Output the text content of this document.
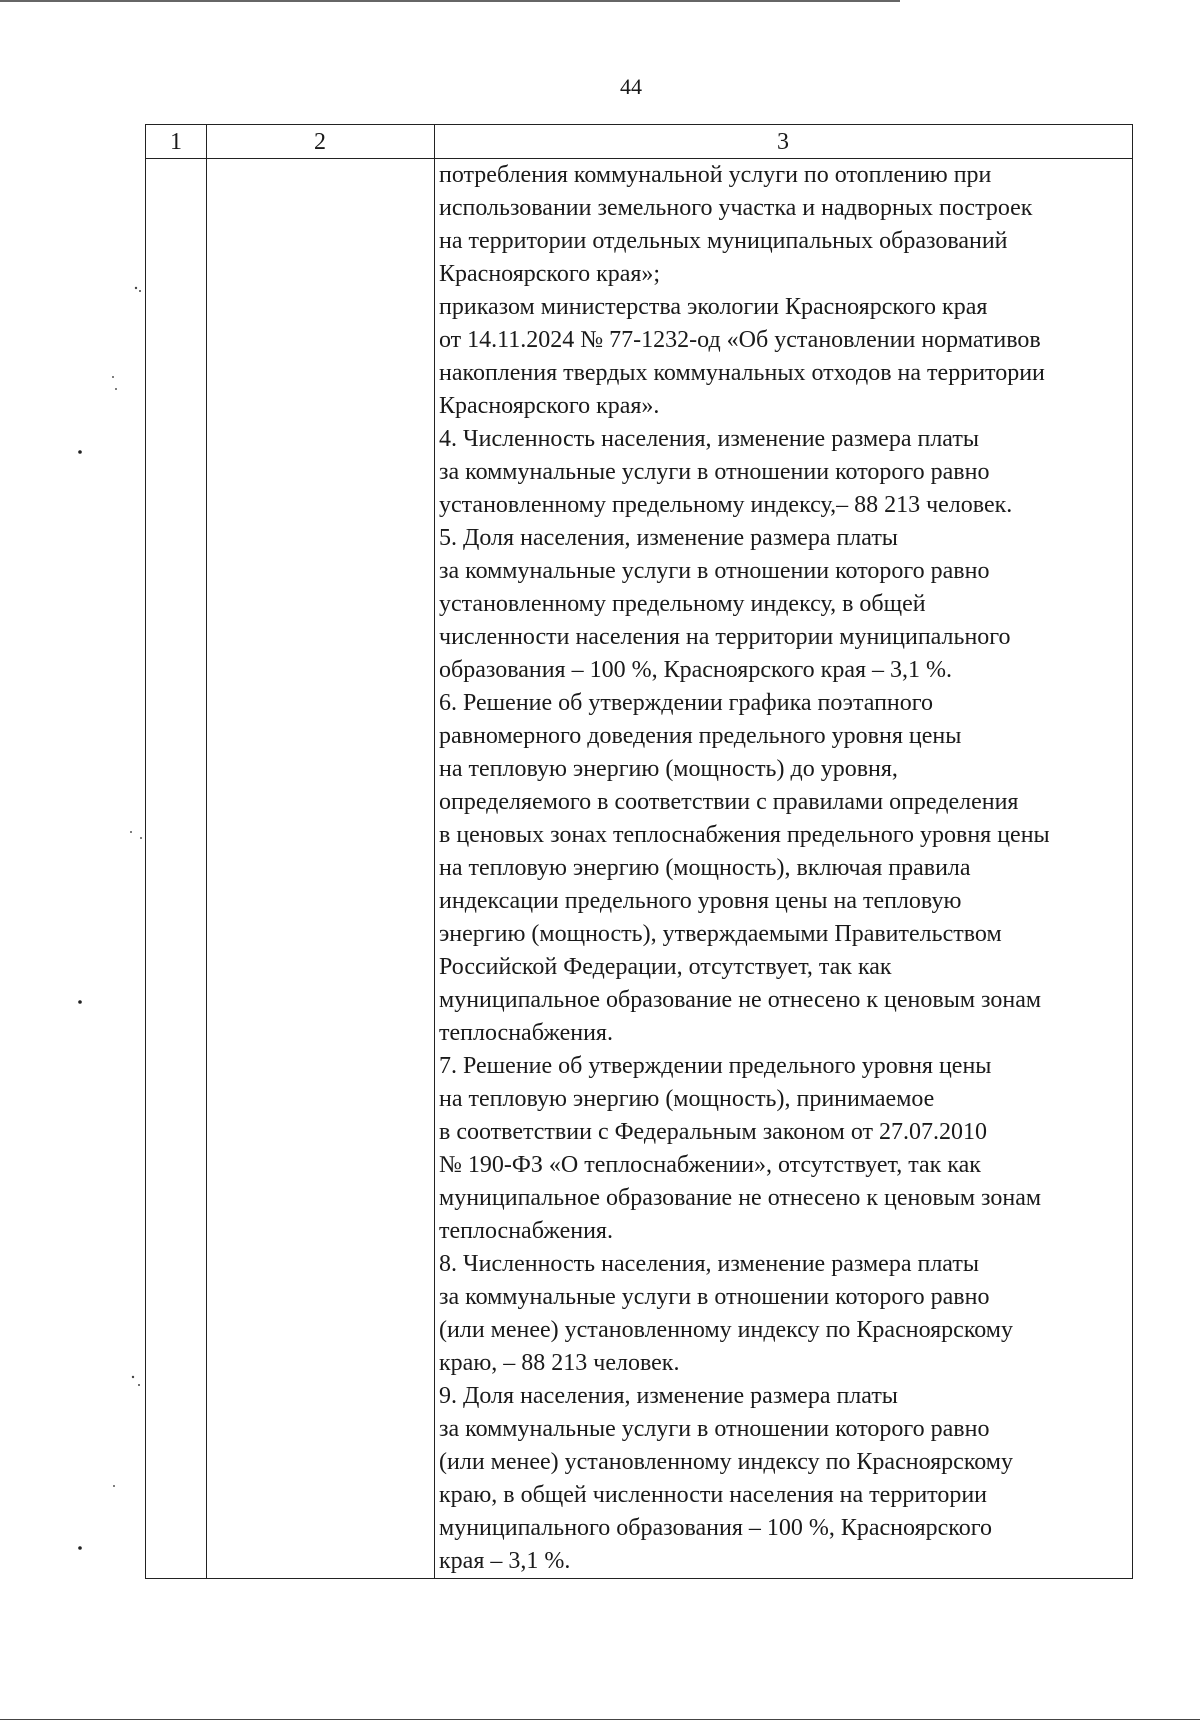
44
1	2	3
потребления коммунальной услуги по отоплению при
использовании земельного участка и надворных построек
на территории отдельных муниципальных образований
Красноярского края»;
приказом министерства экологии Красноярского края
от 14.11.2024 № 77-1232-од «Об установлении нормативов
накопления твердых коммунальных отходов на территории
Красноярского края».
4. Численность населения, изменение размера платы
за коммунальные услуги в отношении которого равно
установленному предельному индексу,– 88 213 человек.
5. Доля населения, изменение размера платы
за коммунальные услуги в отношении которого равно
установленному предельному индексу, в общей
численности населения на территории муниципального
образования – 100 %, Красноярского края – 3,1 %.
6. Решение об утверждении графика поэтапного
равномерного доведения предельного уровня цены
на тепловую энергию (мощность) до уровня,
определяемого в соответствии с правилами определения
в ценовых зонах теплоснабжения предельного уровня цены
на тепловую энергию (мощность), включая правила
индексации предельного уровня цены на тепловую
энергию (мощность), утверждаемыми Правительством
Российской Федерации, отсутствует, так как
муниципальное образование не отнесено к ценовым зонам
теплоснабжения.
7. Решение об утверждении предельного уровня цены
на тепловую энергию (мощность), принимаемое
в соответствии с Федеральным законом от 27.07.2010
№ 190-ФЗ «О теплоснабжении», отсутствует, так как
муниципальное образование не отнесено к ценовым зонам
теплоснабжения.
8. Численность населения, изменение размера платы
за коммунальные услуги в отношении которого равно
(или менее) установленному индексу по Красноярскому
краю, – 88 213 человек.
9. Доля населения, изменение размера платы
за коммунальные услуги в отношении которого равно
(или менее) установленному индексу по Красноярскому
краю, в общей численности населения на территории
муниципального образования – 100 %, Красноярского
края – 3,1 %.
